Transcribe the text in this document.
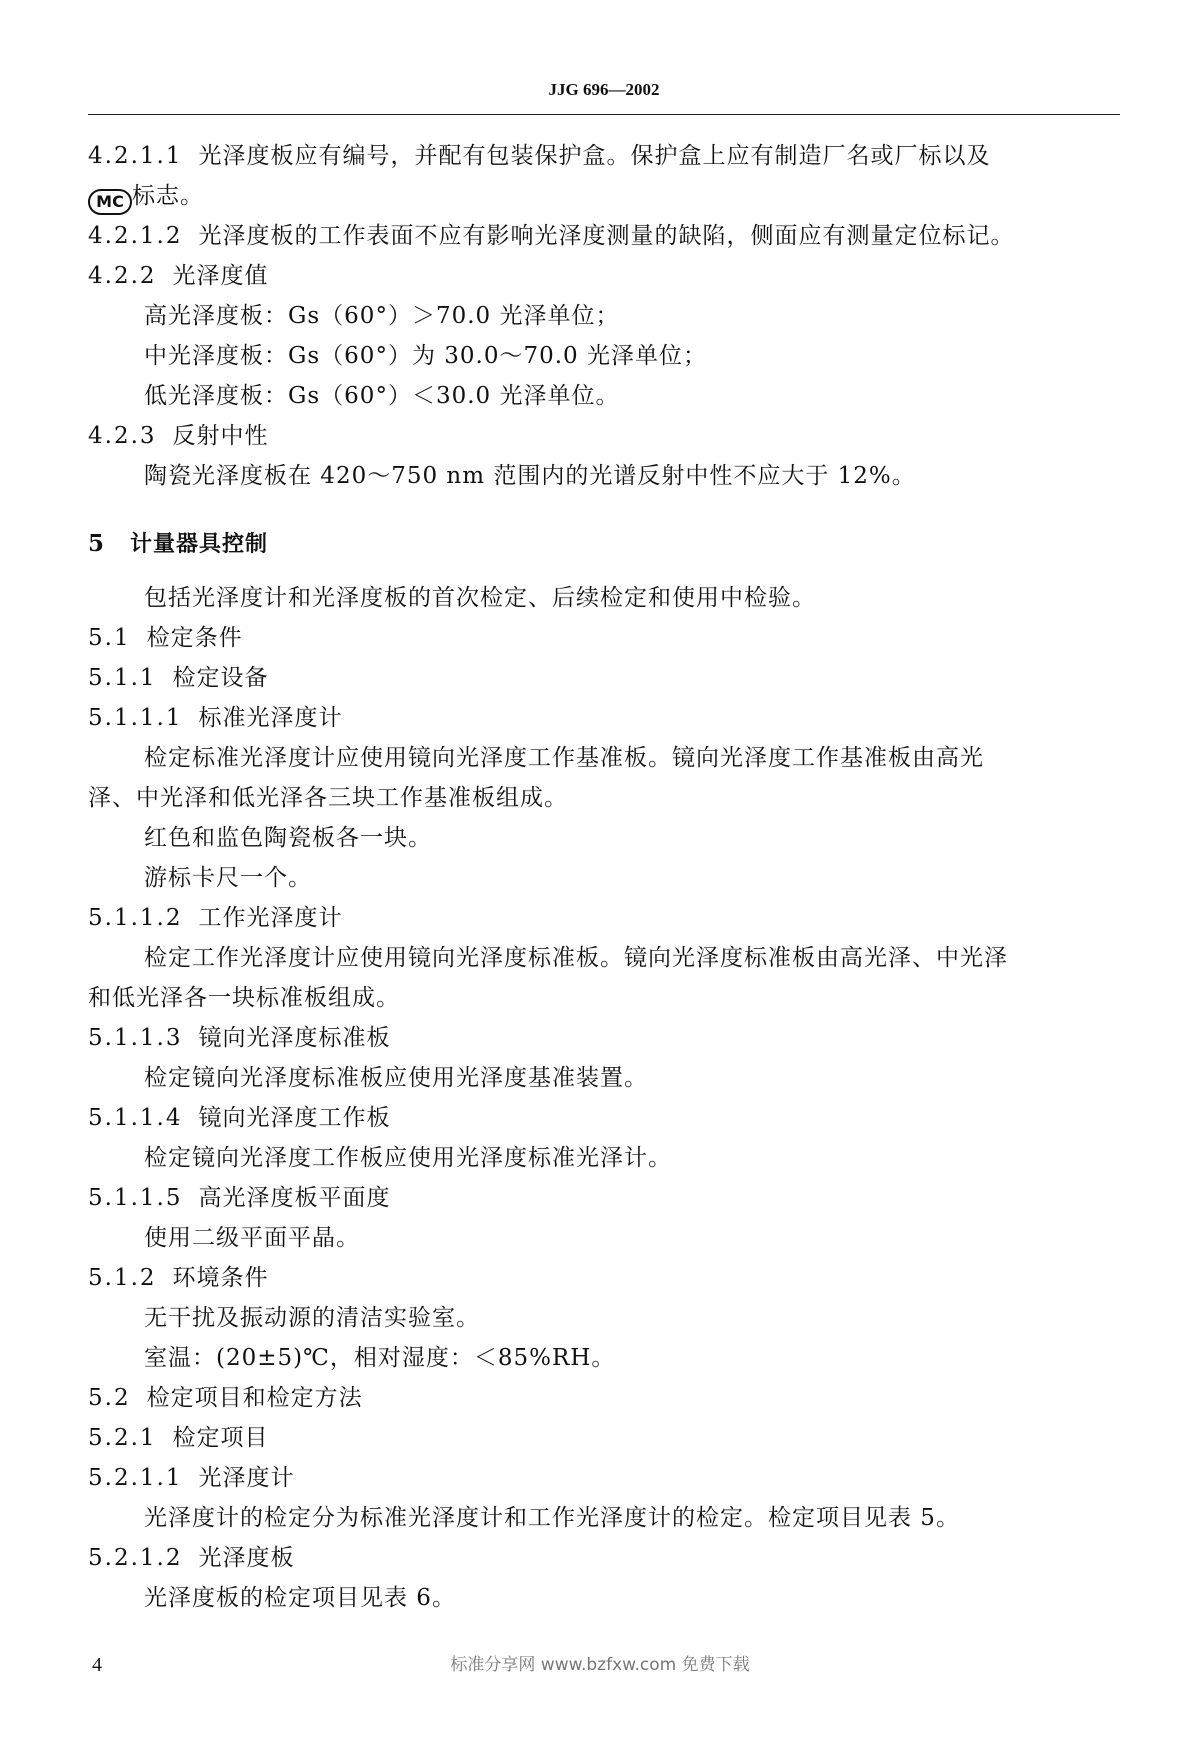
JJG 696—2002
4.2.1.1 光泽度板应有编号，并配有包装保护盒。保护盒上应有制造厂名或厂标以及
MC 标志。
4.2.1.2 光泽度板的工作表面不应有影响光泽度测量的缺陷，侧面应有测量定位标记。
4.2.2 光泽度值
高光泽度板：Gs（60°）＞70.0 光泽单位；
中光泽度板：Gs（60°）为 30.0～70.0 光泽单位；
低光泽度板：Gs（60°）＜30.0 光泽单位。
4.2.3 反射中性
陶瓷光泽度板在 420～750 nm 范围内的光谱反射中性不应大于 12%。
5 计量器具控制
包括光泽度计和光泽度板的首次检定、后续检定和使用中检验。
5.1 检定条件
5.1.1 检定设备
5.1.1.1 标准光泽度计
检定标准光泽度计应使用镜向光泽度工作基准板。镜向光泽度工作基准板由高光
泽、中光泽和低光泽各三块工作基准板组成。
红色和监色陶瓷板各一块。
游标卡尺一个。
5.1.1.2 工作光泽度计
检定工作光泽度计应使用镜向光泽度标准板。镜向光泽度标准板由高光泽、中光泽
和低光泽各一块标准板组成。
5.1.1.3 镜向光泽度标准板
检定镜向光泽度标准板应使用光泽度基准装置。
5.1.1.4 镜向光泽度工作板
检定镜向光泽度工作板应使用光泽度标准光泽计。
5.1.1.5 高光泽度板平面度
使用二级平面平晶。
5.1.2 环境条件
无干扰及振动源的清洁实验室。
室温：(20±5)℃，相对湿度：＜85%RH。
5.2 检定项目和检定方法
5.2.1 检定项目
5.2.1.1 光泽度计
光泽度计的检定分为标准光泽度计和工作光泽度计的检定。检定项目见表 5。
5.2.1.2 光泽度板
光泽度板的检定项目见表 6。
4	标准分享网 www.bzfxw.com 免费下载
